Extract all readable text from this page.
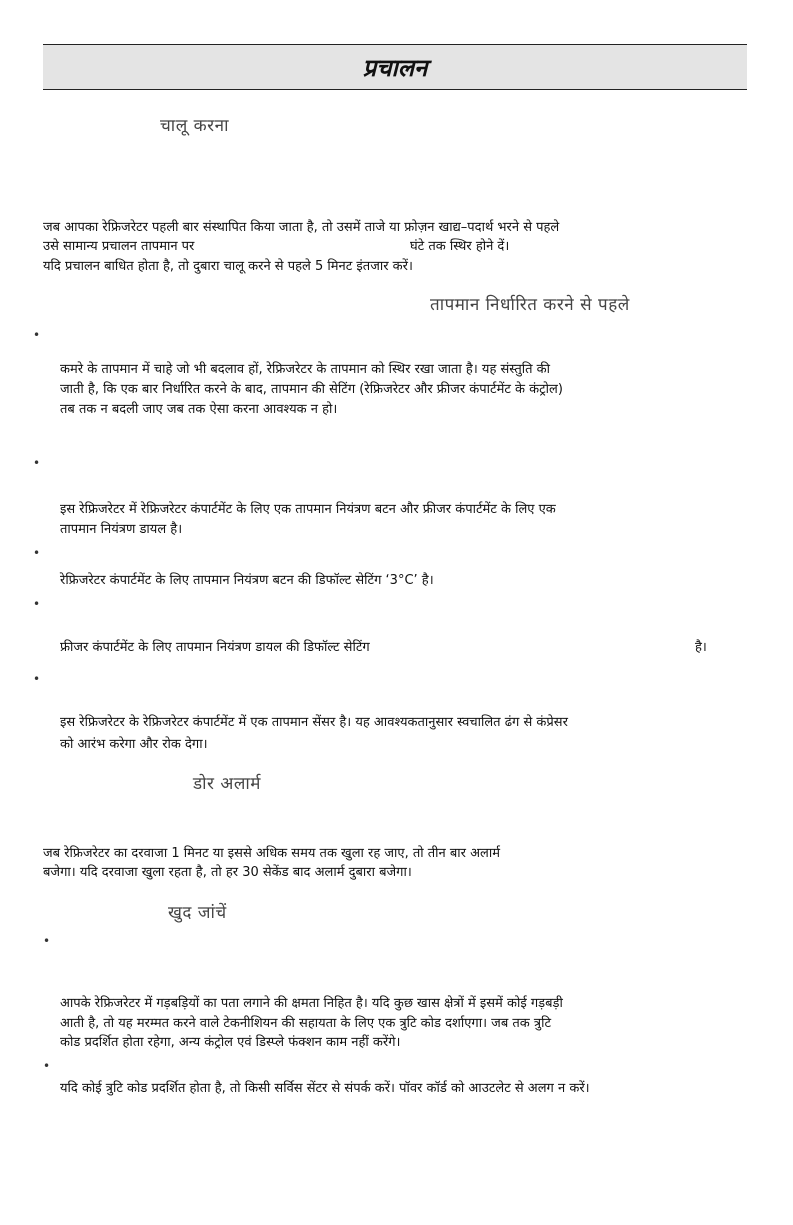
प्रचालन
चालू करना
जब आपका रेफ्रिजरेटर पहली बार संस्थापित किया जाता है, तो उसमें ताजे या फ्रोज़न खाद्य–पदार्थ भरने से पहले
उसे सामान्य प्रचालन तापमान पर	घंटे तक स्थिर होने दें।
यदि प्रचालन बाधित होता है, तो दुबारा चालू करने से पहले 5 मिनट इंतजार करें।
तापमान निर्धारित करने से पहले
•
कमरे के तापमान में चाहे जो भी बदलाव हों, रेफ्रिजरेटर के तापमान को स्थिर रखा जाता है। यह संस्तुति की
जाती है, कि एक बार निर्धारित करने के बाद, तापमान की सेटिंग (रेफ्रिजरेटर और फ्रीजर कंपार्टमेंट के कंट्रोल)
तब तक न बदली जाए जब तक ऐसा करना आवश्यक न हो।
•
इस रेफ्रिजरेटर में रेफ्रिजरेटर कंपार्टमेंट के लिए एक तापमान नियंत्रण बटन और फ्रीजर कंपार्टमेंट के लिए एक
तापमान नियंत्रण डायल है।
•
रेफ्रिजरेटर कंपार्टमेंट के लिए तापमान नियंत्रण बटन की डिफॉल्ट सेटिंग ‘3°C’ है।
•
फ्रीजर कंपार्टमेंट के लिए तापमान नियंत्रण डायल की डिफॉल्ट सेटिंग	है।
•
इस रेफ्रिजरेटर के रेफ्रिजरेटर कंपार्टमेंट में एक तापमान सेंसर है। यह आवश्यकतानुसार स्वचालित ढंग से कंप्रेसर
को आरंभ करेगा और रोक देगा।
डोर अलार्म
जब रेफ्रिजरेटर का दरवाजा 1 मिनट या इससे अधिक समय तक खुला रह जाए, तो तीन बार अलार्म
बजेगा। यदि दरवाजा खुला रहता है, तो हर 30 सेकेंड बाद अलार्म दुबारा बजेगा।
खुद जांचें
•
आपके रेफ्रिजरेटर में गड़बड़ियों का पता लगाने की क्षमता निहित है। यदि कुछ खास क्षेत्रों में इसमें कोई गड़बड़ी
आती है, तो यह मरम्मत करने वाले टेकनीशियन की सहायता के लिए एक त्रुटि कोड दर्शाएगा। जब तक त्रुटि
कोड प्रदर्शित होता रहेगा, अन्य कंट्रोल एवं डिस्प्ले फंक्शन काम नहीं करेंगे।
•
यदि कोई त्रुटि कोड प्रदर्शित होता है, तो किसी सर्विस सेंटर से संपर्क करें। पॉवर कॉर्ड को आउटलेट से अलग न करें।
